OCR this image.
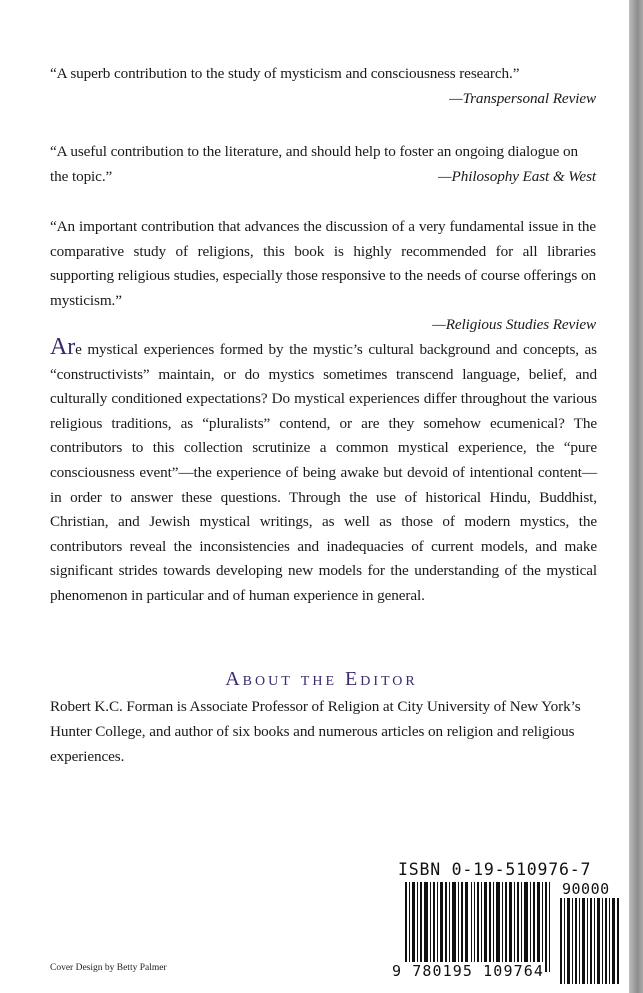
“A superb contribution to the study of mysticism and consciousness research.”
—Transpersonal Review
“A useful contribution to the literature, and should help to foster an ongoing dialogue on the topic.”	—Philosophy East & West
“An important contribution that advances the discussion of a very fundamental issue in the comparative study of religions, this book is highly recommended for all libraries supporting religious studies, especially those responsive to the needs of course offerings on mysticism.”
—Religious Studies Review
Are mystical experiences formed by the mystic’s cultural background and concepts, as “constructivists” maintain, or do mystics sometimes transcend language, belief, and culturally conditioned expectations? Do mystical experiences differ throughout the various religious traditions, as “pluralists” contend, or are they somehow ecumenical? The contributors to this collection scrutinize a common mystical experience, the “pure consciousness event”—the experience of being awake but devoid of intentional content—in order to answer these questions. Through the use of historical Hindu, Buddhist, Christian, and Jewish mystical writings, as well as those of modern mystics, the contributors reveal the inconsistencies and inadequacies of current models, and make significant strides towards developing new models for the understanding of the mystical phenomenon in particular and of human experience in general.
About the Editor
Robert K.C. Forman is Associate Professor of Religion at City University of New York’s Hunter College, and author of six books and numerous articles on religion and religious experiences.
Cover Design by Betty Palmer
ISBN 0-19-510976-7
90000
9 780195 109764
